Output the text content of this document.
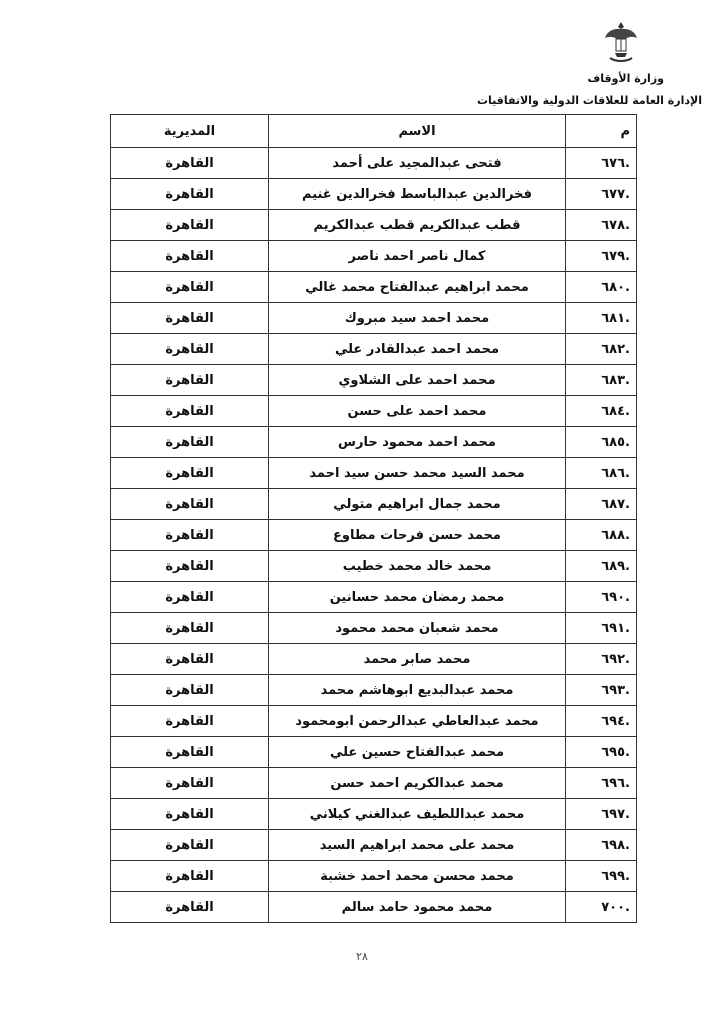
وزارة الأوقاف
الإدارة العامة للعلاقات الدولية والاتفاقيات
م	الاسم	المديرية
.٦٧٦	فتحى عبدالمجيد على أحمد	القاهرة
.٦٧٧	فخرالدين عبدالباسط فخرالدين غنيم	القاهرة
.٦٧٨	قطب عبدالكريم قطب عبدالكريم	القاهرة
.٦٧٩	كمال ناصر احمد ناصر	القاهرة
.٦٨٠	محمد ابراهيم عبدالفتاح محمد غالي	القاهرة
.٦٨١	محمد احمد سيد مبروك	القاهرة
.٦٨٢	محمد احمد عبدالقادر علي	القاهرة
.٦٨٣	محمد احمد على الشلاوي	القاهرة
.٦٨٤	محمد احمد على حسن	القاهرة
.٦٨٥	محمد احمد محمود حارس	القاهرة
.٦٨٦	محمد السيد محمد حسن سيد احمد	القاهرة
.٦٨٧	محمد جمال ابراهيم متولي	القاهرة
.٦٨٨	محمد حسن فرحات مطاوع	القاهرة
.٦٨٩	محمد خالد محمد خطيب	القاهرة
.٦٩٠	محمد رمضان محمد حسانين	القاهرة
.٦٩١	محمد شعبان محمد محمود	القاهرة
.٦٩٢	محمد صابر محمد	القاهرة
.٦٩٣	محمد عبدالبديع ابوهاشم محمد	القاهرة
.٦٩٤	محمد عبدالعاطي عبدالرحمن ابومحمود	القاهرة
.٦٩٥	محمد عبدالفتاح حسين علي	القاهرة
.٦٩٦	محمد عبدالكريم احمد حسن	القاهرة
.٦٩٧	محمد عبداللطيف عبدالغني كيلاني	القاهرة
.٦٩٨	محمد على محمد ابراهيم السيد	القاهرة
.٦٩٩	محمد محسن محمد احمد خشبة	القاهرة
.٧٠٠	محمد محمود حامد سالم	القاهرة
٢٨
